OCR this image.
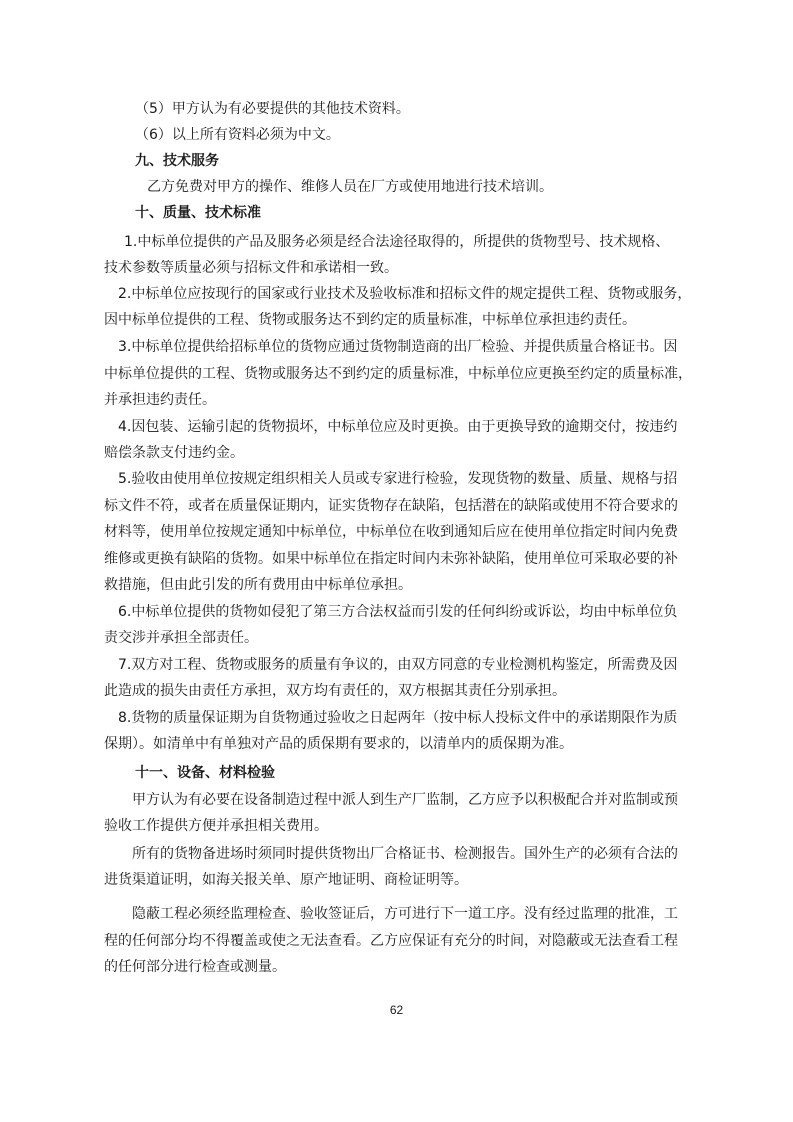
（5）甲方认为有必要提供的其他技术资料。
（6）以上所有资料必须为中文。
九、技术服务
乙方免费对甲方的操作、维修人员在厂方或使用地进行技术培训。
十、质量、技术标准
1.中标单位提供的产品及服务必须是经合法途径取得的，所提供的货物型号、技术规格、
技术参数等质量必须与招标文件和承诺相一致。
2.中标单位应按现行的国家或行业技术及验收标准和招标文件的规定提供工程、货物或服务，
因中标单位提供的工程、货物或服务达不到约定的质量标准，中标单位承担违约责任。
3.中标单位提供给招标单位的货物应通过货物制造商的出厂检验、并提供质量合格证书。因
中标单位提供的工程、货物或服务达不到约定的质量标准，中标单位应更换至约定的质量标准，
并承担违约责任。
4.因包装、运输引起的货物损坏，中标单位应及时更换。由于更换导致的逾期交付，按违约
赔偿条款支付违约金。
5.验收由使用单位按规定组织相关人员或专家进行检验，发现货物的数量、质量、规格与招
标文件不符，或者在质量保证期内，证实货物存在缺陷，包括潜在的缺陷或使用不符合要求的
材料等，使用单位按规定通知中标单位，中标单位在收到通知后应在使用单位指定时间内免费
维修或更换有缺陷的货物。如果中标单位在指定时间内未弥补缺陷，使用单位可采取必要的补
救措施，但由此引发的所有费用由中标单位承担。
6.中标单位提供的货物如侵犯了第三方合法权益而引发的任何纠纷或诉讼，均由中标单位负
责交涉并承担全部责任。
7.双方对工程、货物或服务的质量有争议的，由双方同意的专业检测机构鉴定，所需费及因
此造成的损失由责任方承担，双方均有责任的，双方根据其责任分别承担。
8.货物的质量保证期为自货物通过验收之日起两年（按中标人投标文件中的承诺期限作为质
保期）。如清单中有单独对产品的质保期有要求的，以清单内的质保期为准。
十一、设备、材料检验
甲方认为有必要在设备制造过程中派人到生产厂监制，乙方应予以积极配合并对监制或预
验收工作提供方便并承担相关费用。
所有的货物备进场时须同时提供货物出厂合格证书、检测报告。国外生产的必须有合法的
进货渠道证明，如海关报关单、原产地证明、商检证明等。
隐蔽工程必须经监理检查、验收签证后，方可进行下一道工序。没有经过监理的批准，工
程的任何部分均不得覆盖或使之无法查看。乙方应保证有充分的时间，对隐蔽或无法查看工程
的任何部分进行检查或测量。
62
